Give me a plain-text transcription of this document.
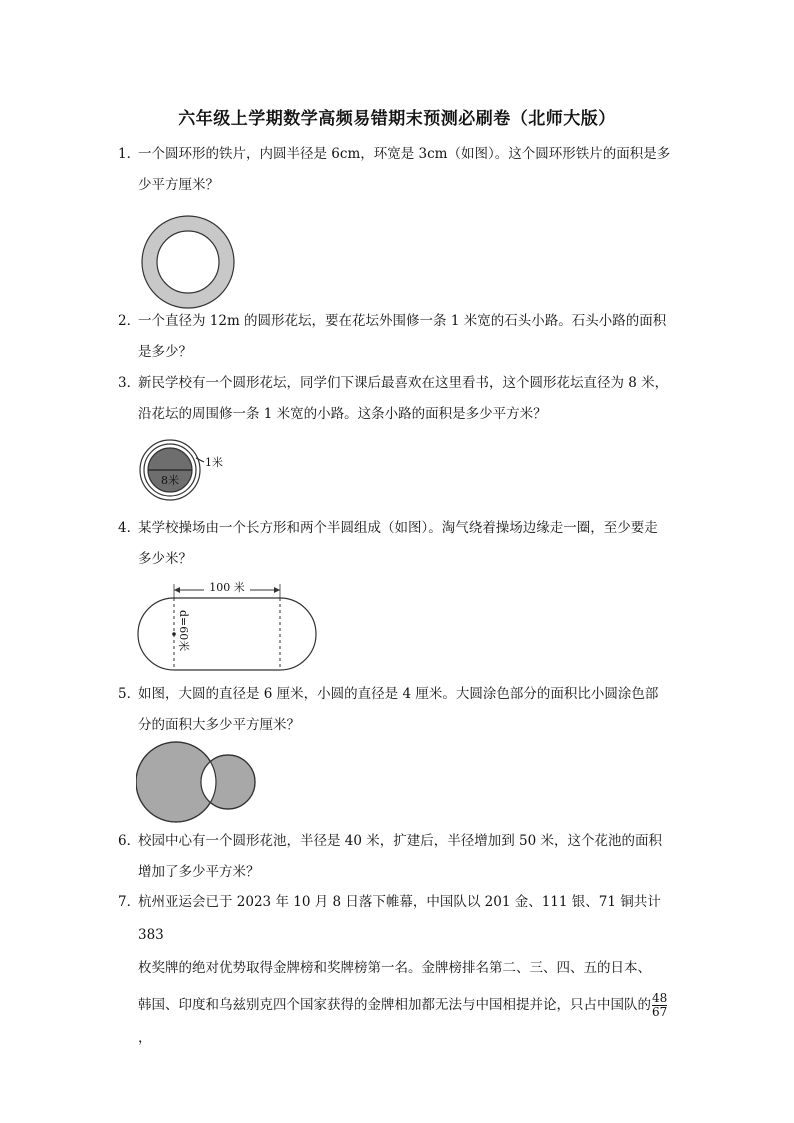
六年级上学期数学高频易错期末预测必刷卷（北师大版）
1．
一个圆环形的铁片，内圆半径是 6cm，环宽是 3cm（如图）。这个圆环形铁片的面积是多
少平方厘米？
2．
一个直径为 12m 的圆形花坛，要在花坛外围修一条 1 米宽的石头小路。石头小路的面积
是多少？
3．
新民学校有一个圆形花坛，同学们下课后最喜欢在这里看书，这个圆形花坛直径为 8 米，
沿花坛的周围修一条 1 米宽的小路。这条小路的面积是多少平方米？
8米
1米
4．
某学校操场由一个长方形和两个半圆组成（如图）。淘气绕着操场边缘走一圈，至少要走
多少米？
100 米
d=60米
5．
如图，大圆的直径是 6 厘米，小圆的直径是 4 厘米。大圆涂色部分的面积比小圆涂色部
分的面积大多少平方厘米？
6．
校园中心有一个圆形花池，半径是 40 米，扩建后，半径增加到 50 米，这个花池的面积
增加了多少平方米？
7．
杭州亚运会已于 2023 年 10 月 8 日落下帷幕，中国队以 201 金、111 银、71 铜共计 383
枚奖牌的绝对优势取得金牌榜和奖牌榜第一名。金牌榜排名第二、三、四、五的日本、
韩国、印度和乌兹别克四个国家获得的金牌相加都无法与中国相提并论，只占中国队的 $\frac{48}{67}$
，
